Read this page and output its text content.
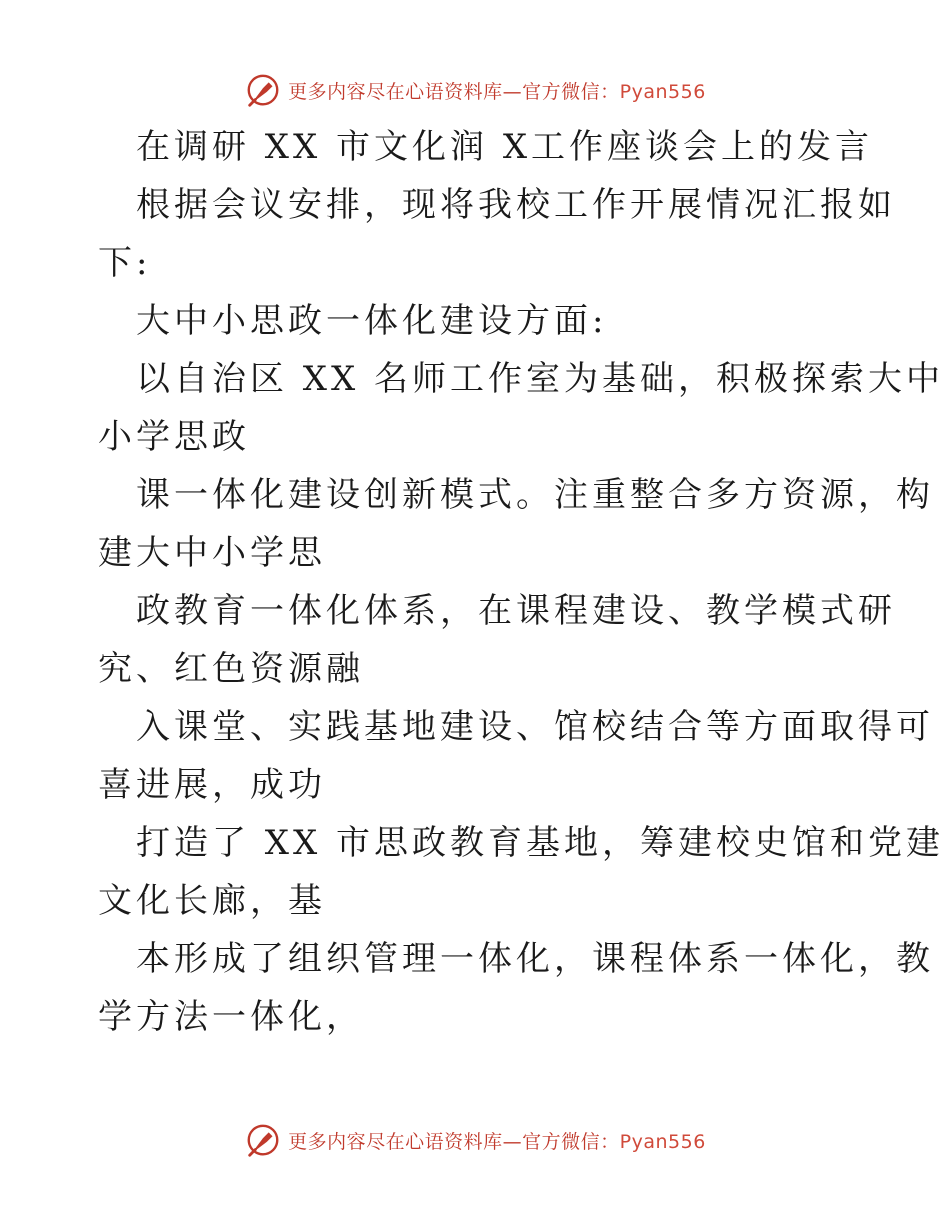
更多内容尽在心语资料库—官方微信：Pyan556
在调研 XX 市文化润 X工作座谈会上的发言
根据会议安排，现将我校工作开展情况汇报如
下:
大中小思政一体化建设方面:
以自治区 XX 名师工作室为基础，积极探索大中
小学思政
课一体化建设创新模式。注重整合多方资源，构
建大中小学思
政教育一体化体系，在课程建设、教学模式研
究、红色资源融
入课堂、实践基地建设、馆校结合等方面取得可
喜进展，成功
打造了 XX 市思政教育基地，筹建校史馆和党建
文化长廊，基
本形成了组织管理一体化，课程体系一体化，教
学方法一体化，
更多内容尽在心语资料库—官方微信：Pyan556
